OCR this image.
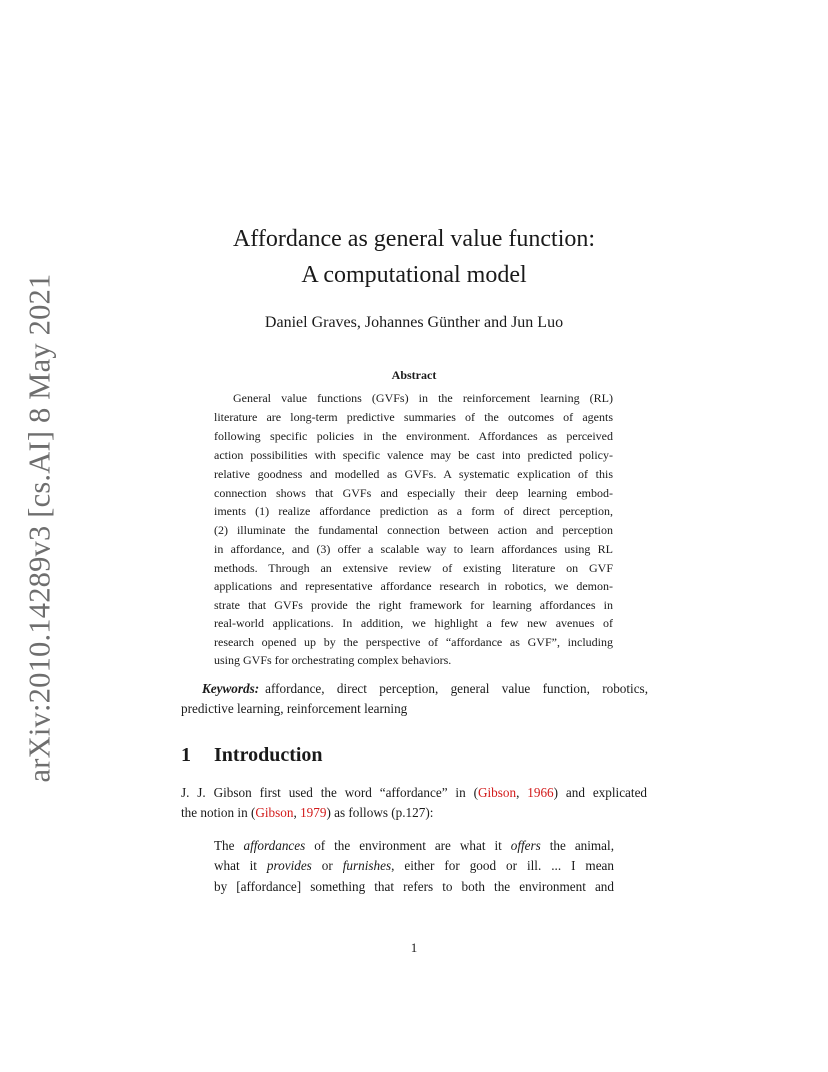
arXiv:2010.14289v3 [cs.AI] 8 May 2021
Affordance as general value function:
A computational model
Daniel Graves, Johannes Günther and Jun Luo
Abstract
General value functions (GVFs) in the reinforcement learning (RL)
literature are long-term predictive summaries of the outcomes of agents
following specific policies in the environment. Affordances as perceived
action possibilities with specific valence may be cast into predicted policy-
relative goodness and modelled as GVFs. A systematic explication of this
connection shows that GVFs and especially their deep learning embod-
iments (1) realize affordance prediction as a form of direct perception,
(2) illuminate the fundamental connection between action and perception
in affordance, and (3) offer a scalable way to learn affordances using RL
methods. Through an extensive review of existing literature on GVF
applications and representative affordance research in robotics, we demon-
strate that GVFs provide the right framework for learning affordances in
real-world applications. In addition, we highlight a few new avenues of
research opened up by the perspective of “affordance as GVF”, including
using GVFs for orchestrating complex behaviors.
Keywords: affordance, direct perception, general value function, robotics,
predictive learning, reinforcement learning
1 Introduction
J. J. Gibson first used the word “affordance” in (Gibson, 1966) and explicated
the notion in (Gibson, 1979) as follows (p.127):
The affordances of the environment are what it offers the animal,
what it provides or furnishes, either for good or ill. ... I mean
by [affordance] something that refers to both the environment and
1
